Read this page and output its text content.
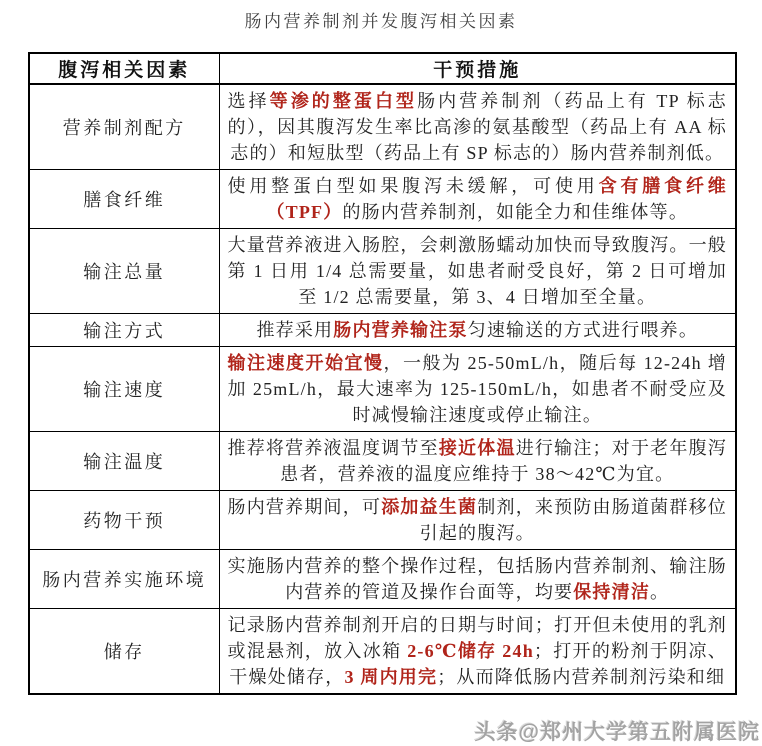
肠内营养制剂并发腹泻相关因素
腹泻相关因素	干预措施
营养制剂配方	选择等渗的整蛋白型肠内营养制剂（药品上有 TP 标志的），因其腹泻发生率比高渗的氨基酸型（药品上有 AA 标志的）和短肽型（药品上有 SP 标志的）肠内营养制剂低。
膳食纤维	使用整蛋白型如果腹泻未缓解，可使用含有膳食纤维（TPF）的肠内营养制剂，如能全力和佳维体等。
输注总量	大量营养液进入肠腔，会刺激肠蠕动加快而导致腹泻。一般第 1 日用 1/4 总需要量，如患者耐受良好，第 2 日可增加至 1/2 总需要量，第 3、4 日增加至全量。
输注方式	推荐采用肠内营养输注泵匀速输送的方式进行喂养。
输注速度	输注速度开始宜慢，一般为 25-50mL/h，随后每 12-24h 增加 25mL/h，最大速率为 125-150mL/h，如患者不耐受应及时减慢输注速度或停止输注。
输注温度	推荐将营养液温度调节至接近体温进行输注；对于老年腹泻患者，营养液的温度应维持于 38～42℃为宜。
药物干预	肠内营养期间，可添加益生菌制剂，来预防由肠道菌群移位引起的腹泻。
肠内营养实施环境	实施肠内营养的整个操作过程，包括肠内营养制剂、输注肠内营养的管道及操作台面等，均要保持清洁。
储存	记录肠内营养制剂开启的日期与时间；打开但未使用的乳剂或混悬剂，放入冰箱 2-6℃储存 24h；打开的粉剂于阴凉、干燥处储存，3 周内用完；从而降低肠内营养制剂污染和细
头条@郑州大学第五附属医院
